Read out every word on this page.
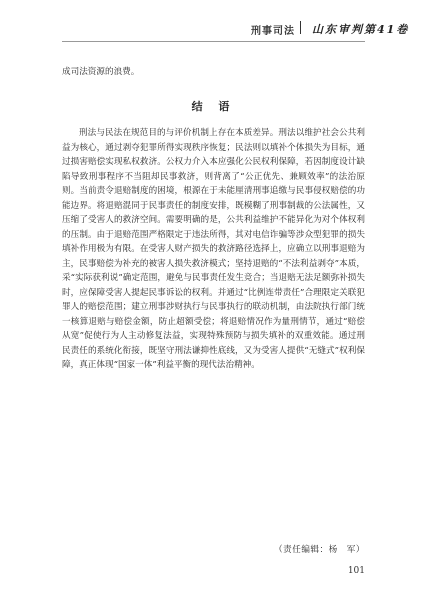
刑事司法 山东审判第41卷
成司法资源的浪费。
结 语
刑法与民法在规范目的与评价机制上存在本质差异。刑法以维护社会公共利益为核心，通过剥夺犯罪所得实现秩序恢复；民法则以填补个体损失为目标，通过损害赔偿实现私权救济。公权力介入本应强化公民权利保障，若因制度设计缺陷导致刑事程序不当阻却民事救济，则背离了“公正优先、兼顾效率”的法治原则。当前责令退赔制度的困境，根源在于未能厘清刑事追缴与民事侵权赔偿的功能边界。将退赔混同于民事责任的制度安排，既模糊了刑事制裁的公法属性，又压缩了受害人的救济空间。需要明确的是，公共利益维护不能异化为对个体权利的压制。由于退赔范围严格限定于违法所得，其对电信诈骗等涉众型犯罪的损失填补作用极为有限。在受害人财产损失的救济路径选择上，应确立以刑事退赔为主，民事赔偿为补充的被害人损失救济模式；坚持退赔的“不法利益剥夺”本质，采“实际获利说”确定范围，避免与民事责任发生竞合；当退赔无法足额弥补损失时，应保障受害人提起民事诉讼的权利。并通过“比例连带责任”合理限定关联犯罪人的赔偿范围；建立刑事涉财执行与民事执行的联动机制，由法院执行部门统一核算退赔与赔偿金额，防止超额受偿；将退赔情况作为量刑情节，通过“赔偿从宽”促使行为人主动修复法益，实现特殊预防与损失填补的双重效能。通过刑民责任的系统化衔接，既坚守刑法谦抑性底线，又为受害人提供“无缝式”权利保障，真正体现“国家一体”利益平衡的现代法治精神。
（责任编辑：杨　军）
101
